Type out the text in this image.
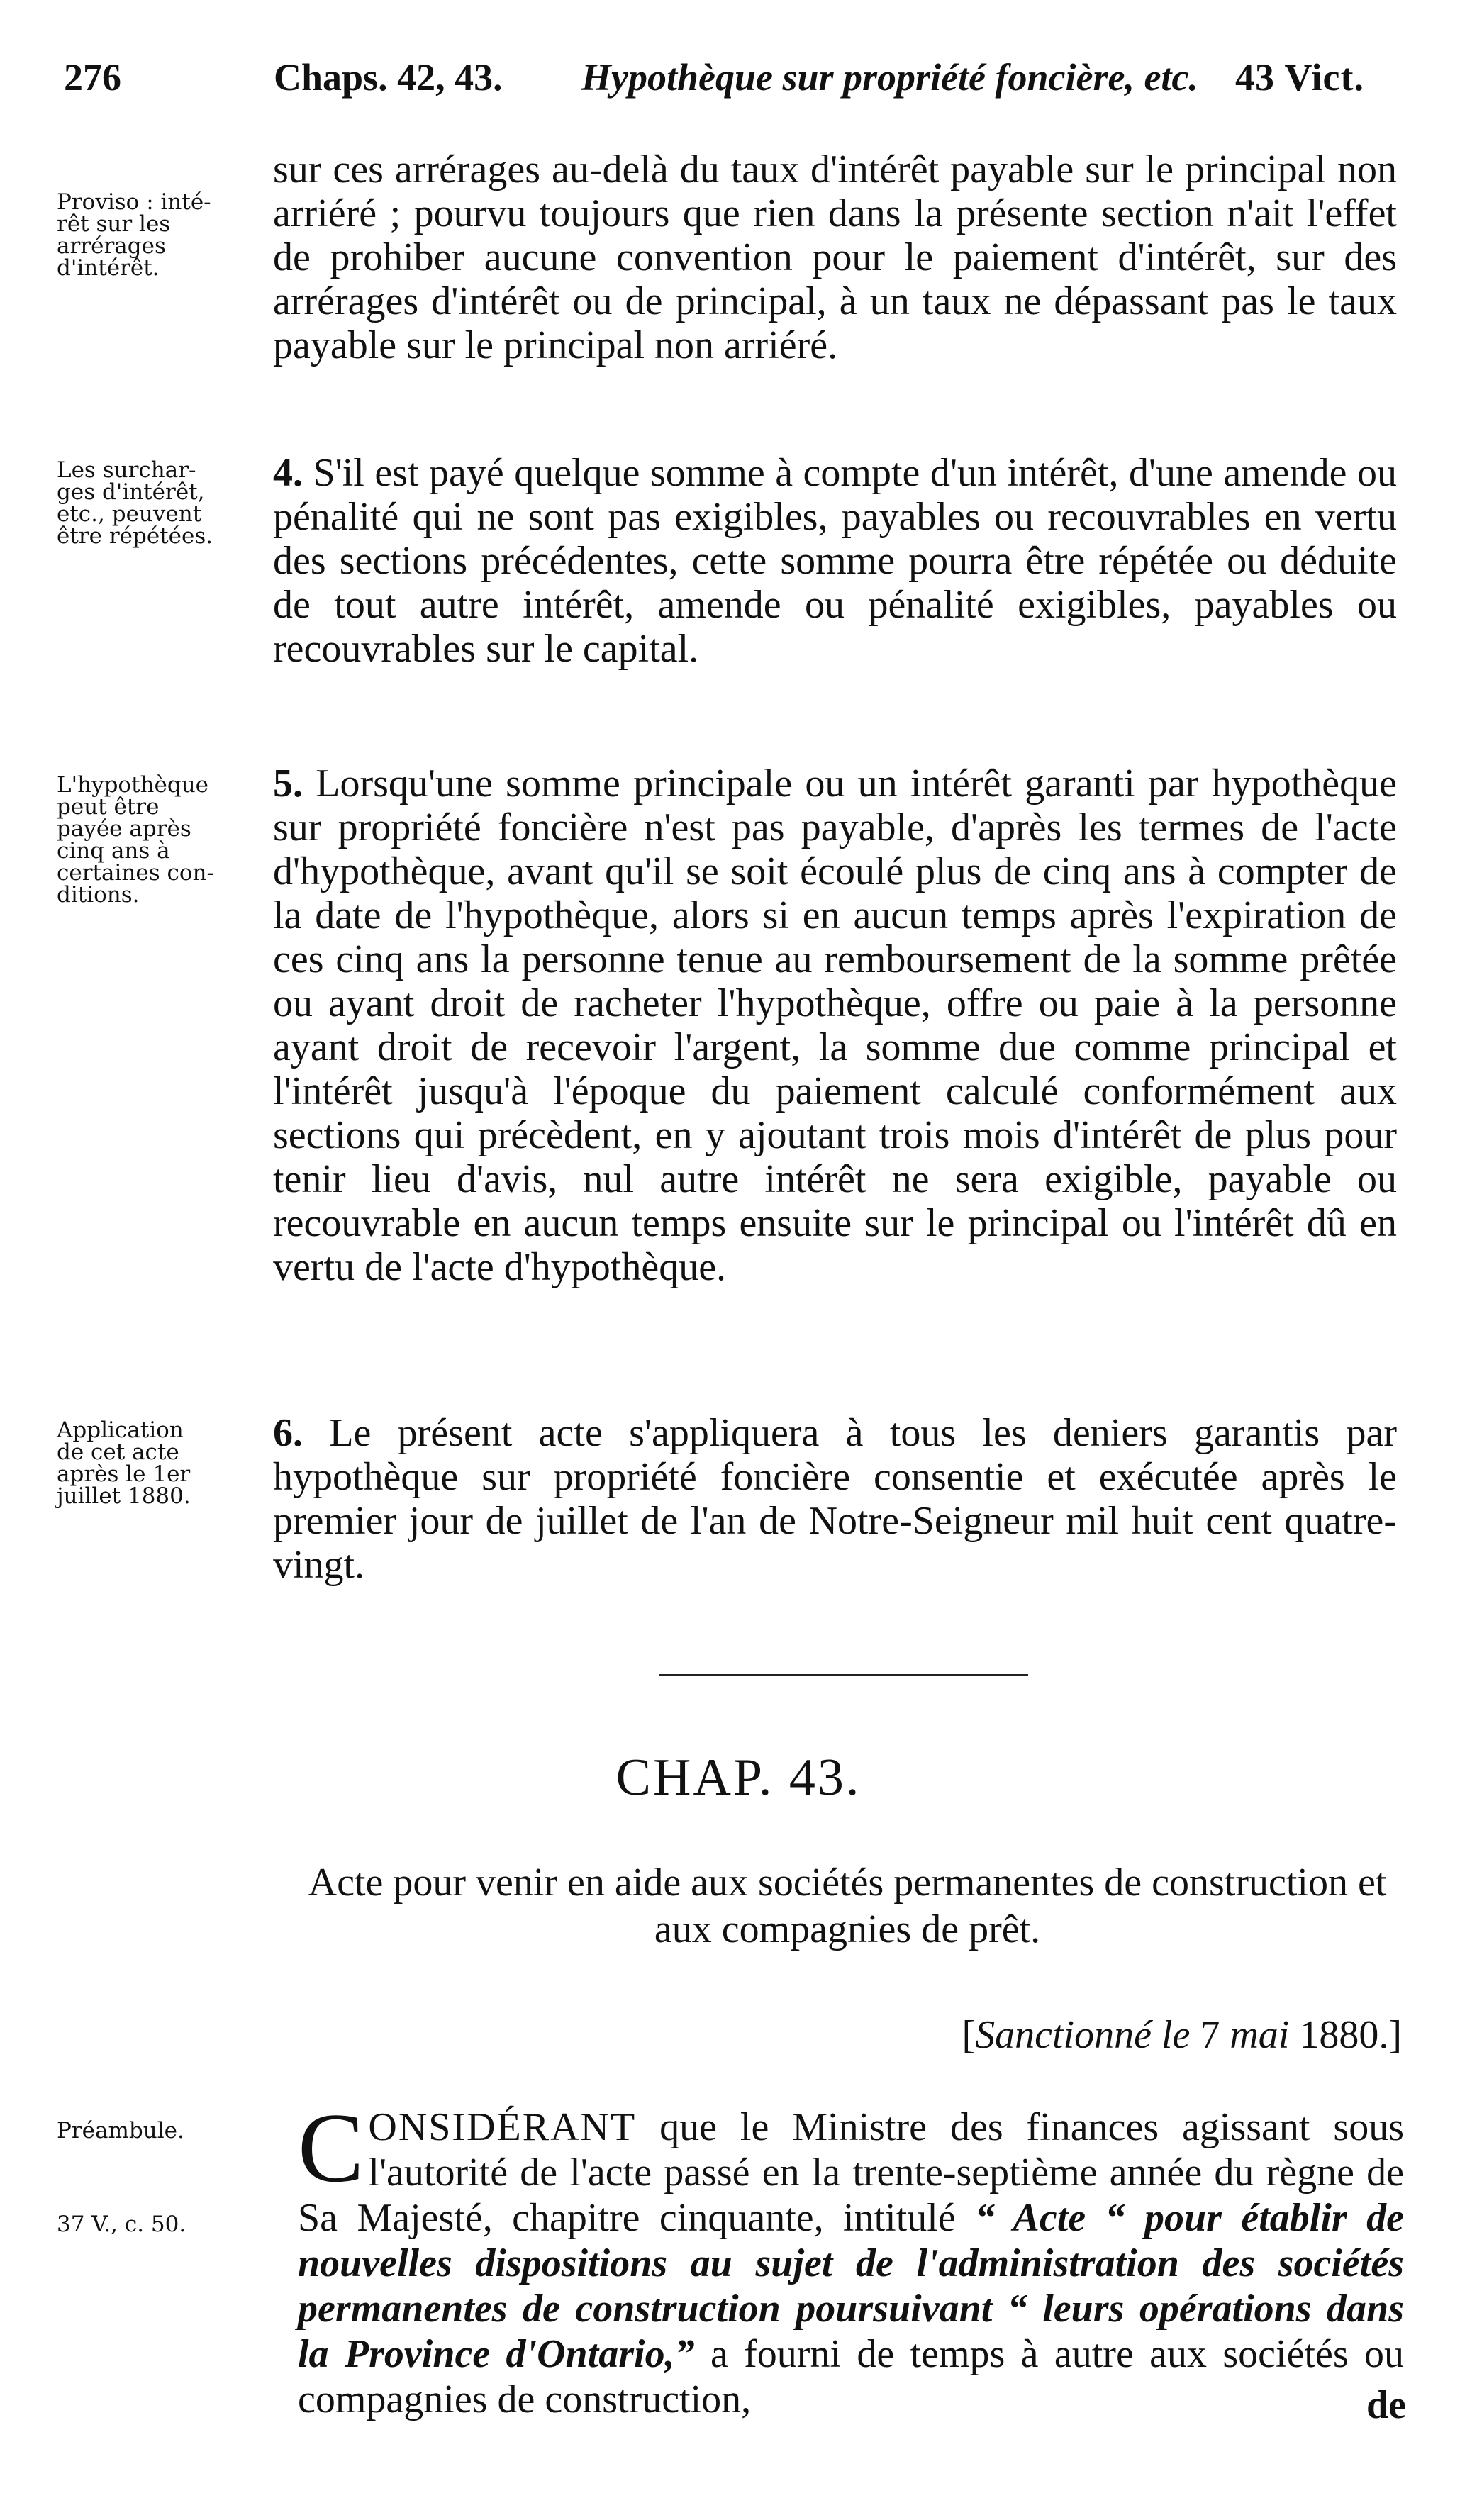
276	Chaps. 42, 43. Hypothèque sur propriété foncière, etc. 43 Vict.
Proviso : inté-
rêt sur les
arrérages
d'intérêt.
Les surchar-
ges d'intérêt,
etc., peuvent
être répétées.
L'hypothèque
peut être
payée après
cinq ans à
certaines con-
ditions.
Application
de cet acte
après le 1er
juillet 1880.
Préambule.
37 V., c. 50.

sur ces arrérages au-delà du taux d'intérêt payable sur le principal non arriéré ; pourvu toujours que rien dans la présente section n'ait l'effet de prohiber aucune convention pour le paiement d'intérêt, sur des arrérages d'intérêt ou de principal, à un taux ne dépassant pas le taux payable sur le principal non arriéré.

4. S'il est payé quelque somme à compte d'un intérêt, d'une amende ou pénalité qui ne sont pas exigibles, payables ou recouvrables en vertu des sections précédentes, cette somme pourra être répétée ou déduite de tout autre intérêt, amende ou pénalité exigibles, payables ou recouvrables sur le capital.

5. Lorsqu'une somme principale ou un intérêt garanti par hypothèque sur propriété foncière n'est pas payable, d'après les termes de l'acte d'hypothèque, avant qu'il se soit écoulé plus de cinq ans à compter de la date de l'hypothèque, alors si en aucun temps après l'expiration de ces cinq ans la personne tenue au remboursement de la somme prêtée ou ayant droit de racheter l'hypothèque, offre ou paie à la personne ayant droit de recevoir l'argent, la somme due comme principal et l'intérêt jusqu'à l'époque du paiement calculé conformément aux sections qui précèdent, en y ajoutant trois mois d'intérêt de plus pour tenir lieu d'avis, nul autre intérêt ne sera exigible, payable ou recouvrable en aucun temps ensuite sur le principal ou l'intérêt dû en vertu de l'acte d'hypothèque.

6. Le présent acte s'appliquera à tous les deniers garantis par hypothèque sur propriété foncière consentie et exécutée après le premier jour de juillet de l'an de Notre-Seigneur mil huit cent quatre-vingt.

CHAP. 43.
Acte pour venir en aide aux sociétés permanentes de construction et aux compagnies de prêt.
[Sanctionné le 7 mai 1880.]

CONSIDÉRANT que le Ministre des finances agissant sous l'autorité de l'acte passé en la trente-septième année du règne de Sa Majesté, chapitre cinquante, intitulé “ Acte “ pour établir de nouvelles dispositions au sujet de l'administration des sociétés permanentes de construction poursuivant “ leurs opérations dans la Province d'Ontario,” a fourni de temps à autre aux sociétés ou compagnies de construction,	de
